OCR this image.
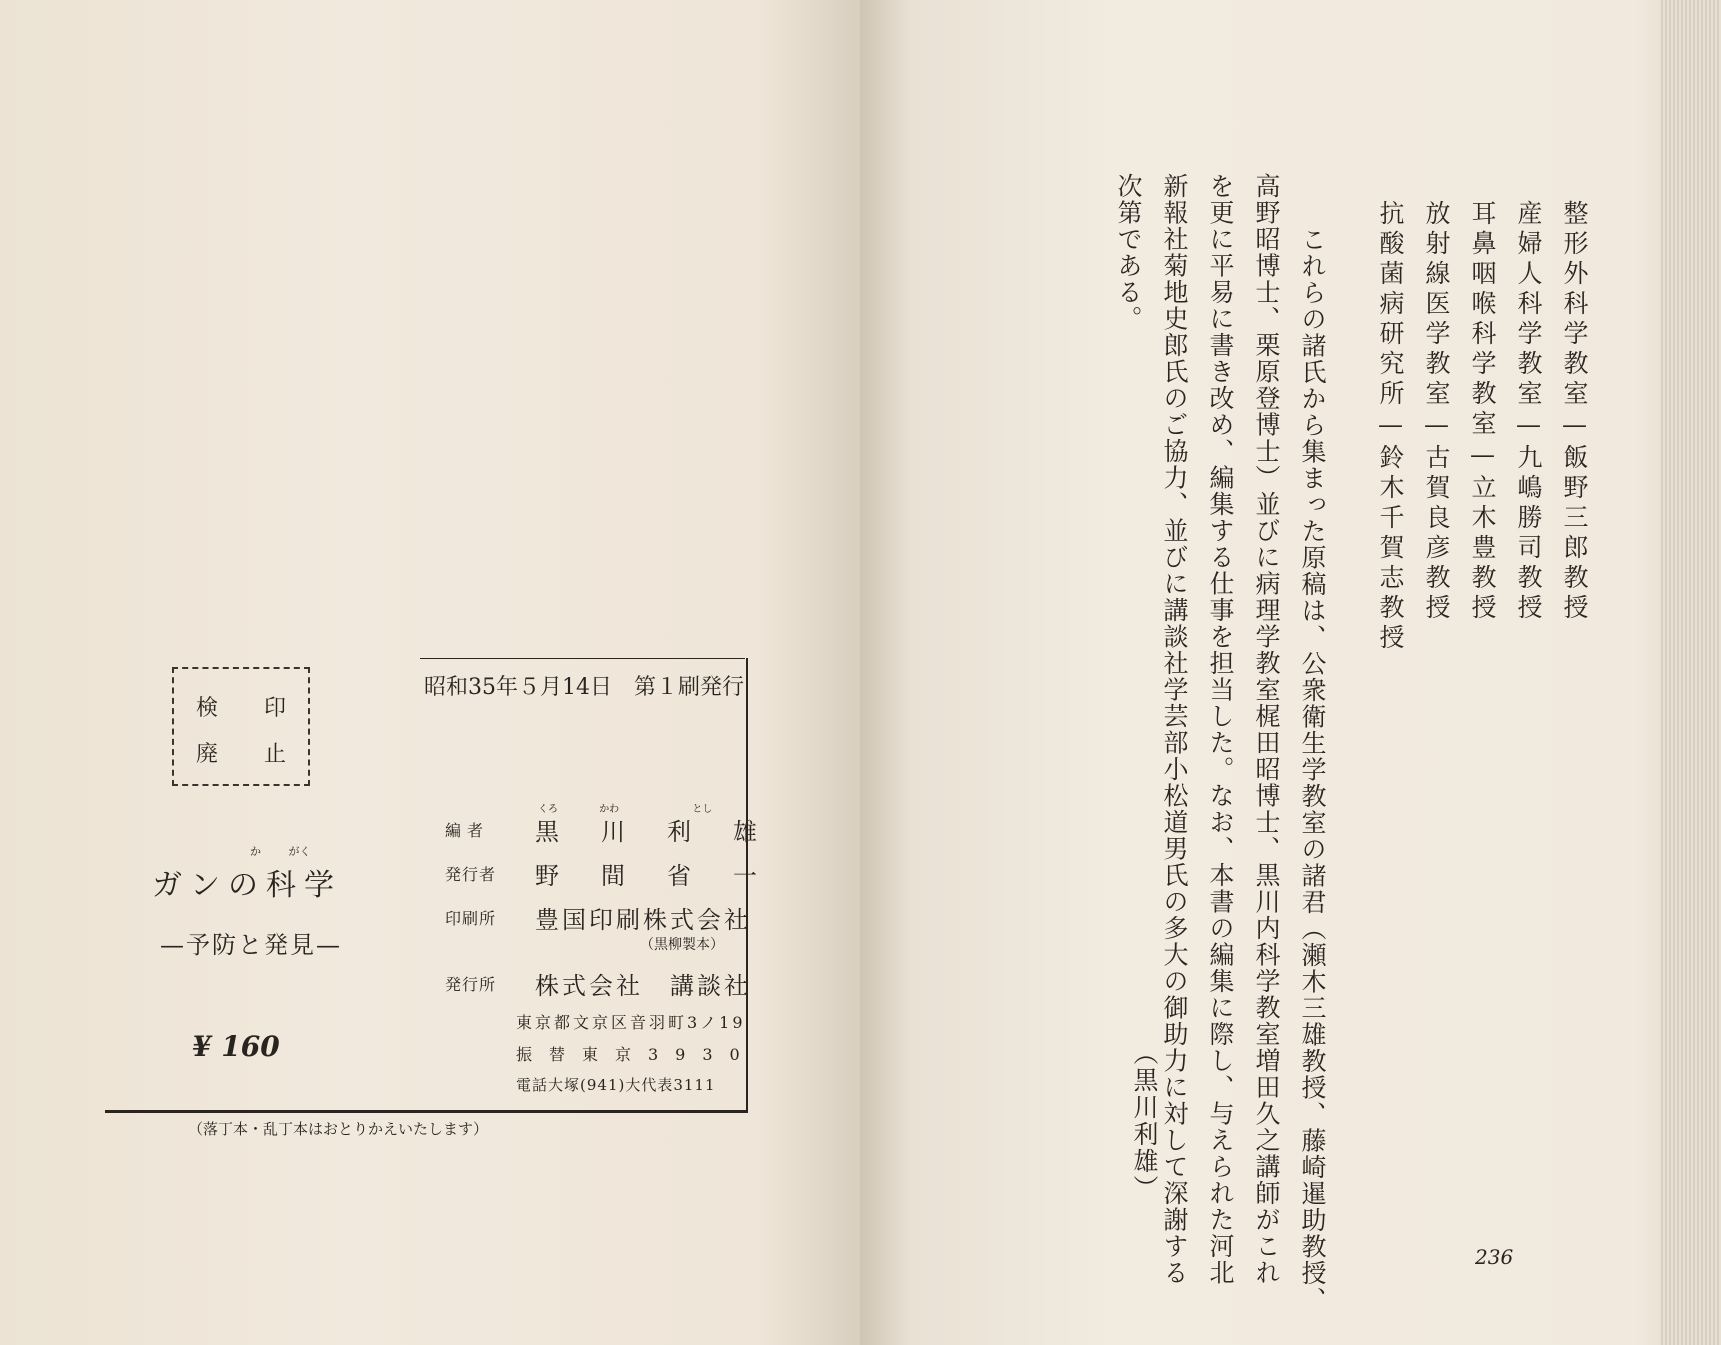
検 印
廃 止
か	がく
ガンの科学
—予防と発見—
¥ 160
昭和35年５月14日　第１刷発行
くろ	かわ	とし
編者 黒川利雄
発行者 野間省一
印刷所 豊国印刷株式会社
（黒柳製本）
発行所 株式会社　講談社
東京都文京区音羽町3ノ19
振替東京3930
電話大塚(941)大代表3111
（落丁本・乱丁本はおとりかえいたします）
整形外科学教室—飯野三郎教授
産婦人科学教室—九嶋勝司教授
耳鼻咽喉科学教室—立木豊教授
放射線医学教室—古賀良彦教授
抗酸菌病研究所—鈴木千賀志教授
　これらの諸氏から集まった原稿は、公衆衛生学教室の諸君（瀬木三雄教授、藤崎暹助教授、
高野昭博士、栗原登博士）並びに病理学教室梶田昭博士、黒川内科学教室増田久之講師がこれ
を更に平易に書き改め、編集する仕事を担当した。なお、本書の編集に際し、与えられた河北
新報社菊地史郎氏のご協力、並びに講談社学芸部小松道男氏の多大の御助力に対して深謝する
次第である。
（黒川利雄）
236
